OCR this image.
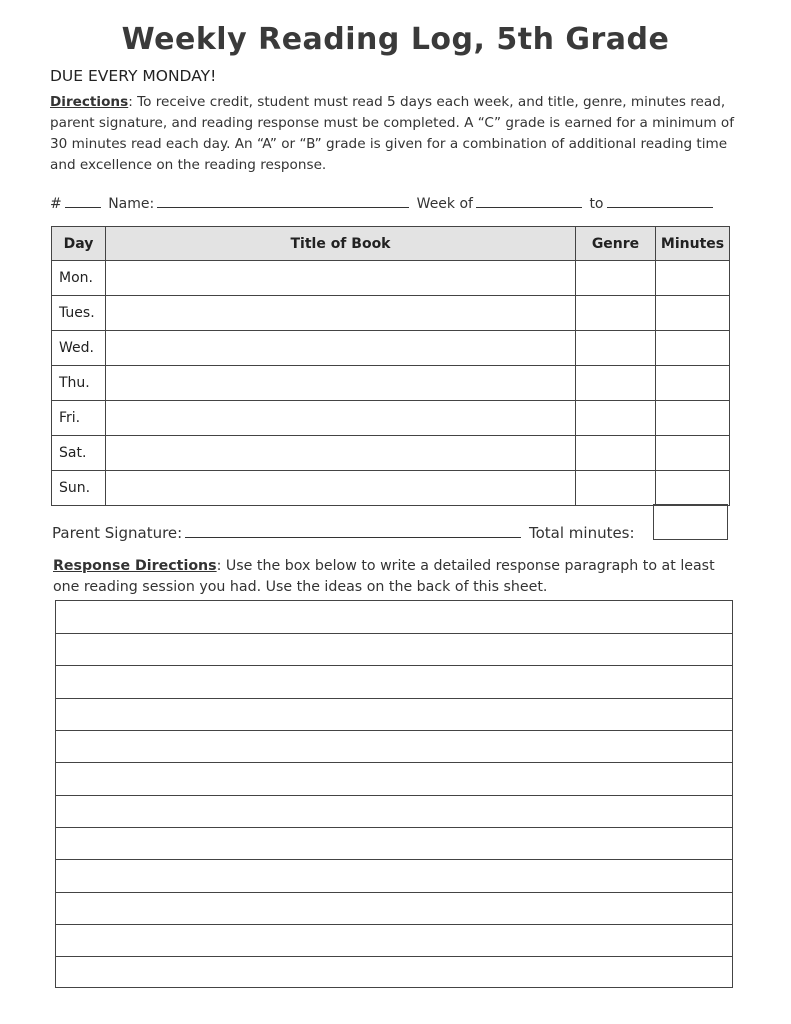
Weekly Reading Log, 5th Grade
DUE EVERY MONDAY!
Directions: To receive credit, student must read 5 days each week, and title, genre, minutes read, parent signature, and reading response must be completed. A “C” grade is earned for a minimum of 30 minutes read each day. An “A” or “B” grade is given for a combination of additional reading time and excellence on the reading response.
#	Name:	Week of	to
Day	Title of Book	Genre	Minutes
Mon.			
Tues.			
Wed.			
Thu.			
Fri.			
Sat.			
Sun.			
Parent Signature:	Total minutes:
Response Directions: Use the box below to write a detailed response paragraph to at least one reading session you had. Use the ideas on the back of this sheet.
